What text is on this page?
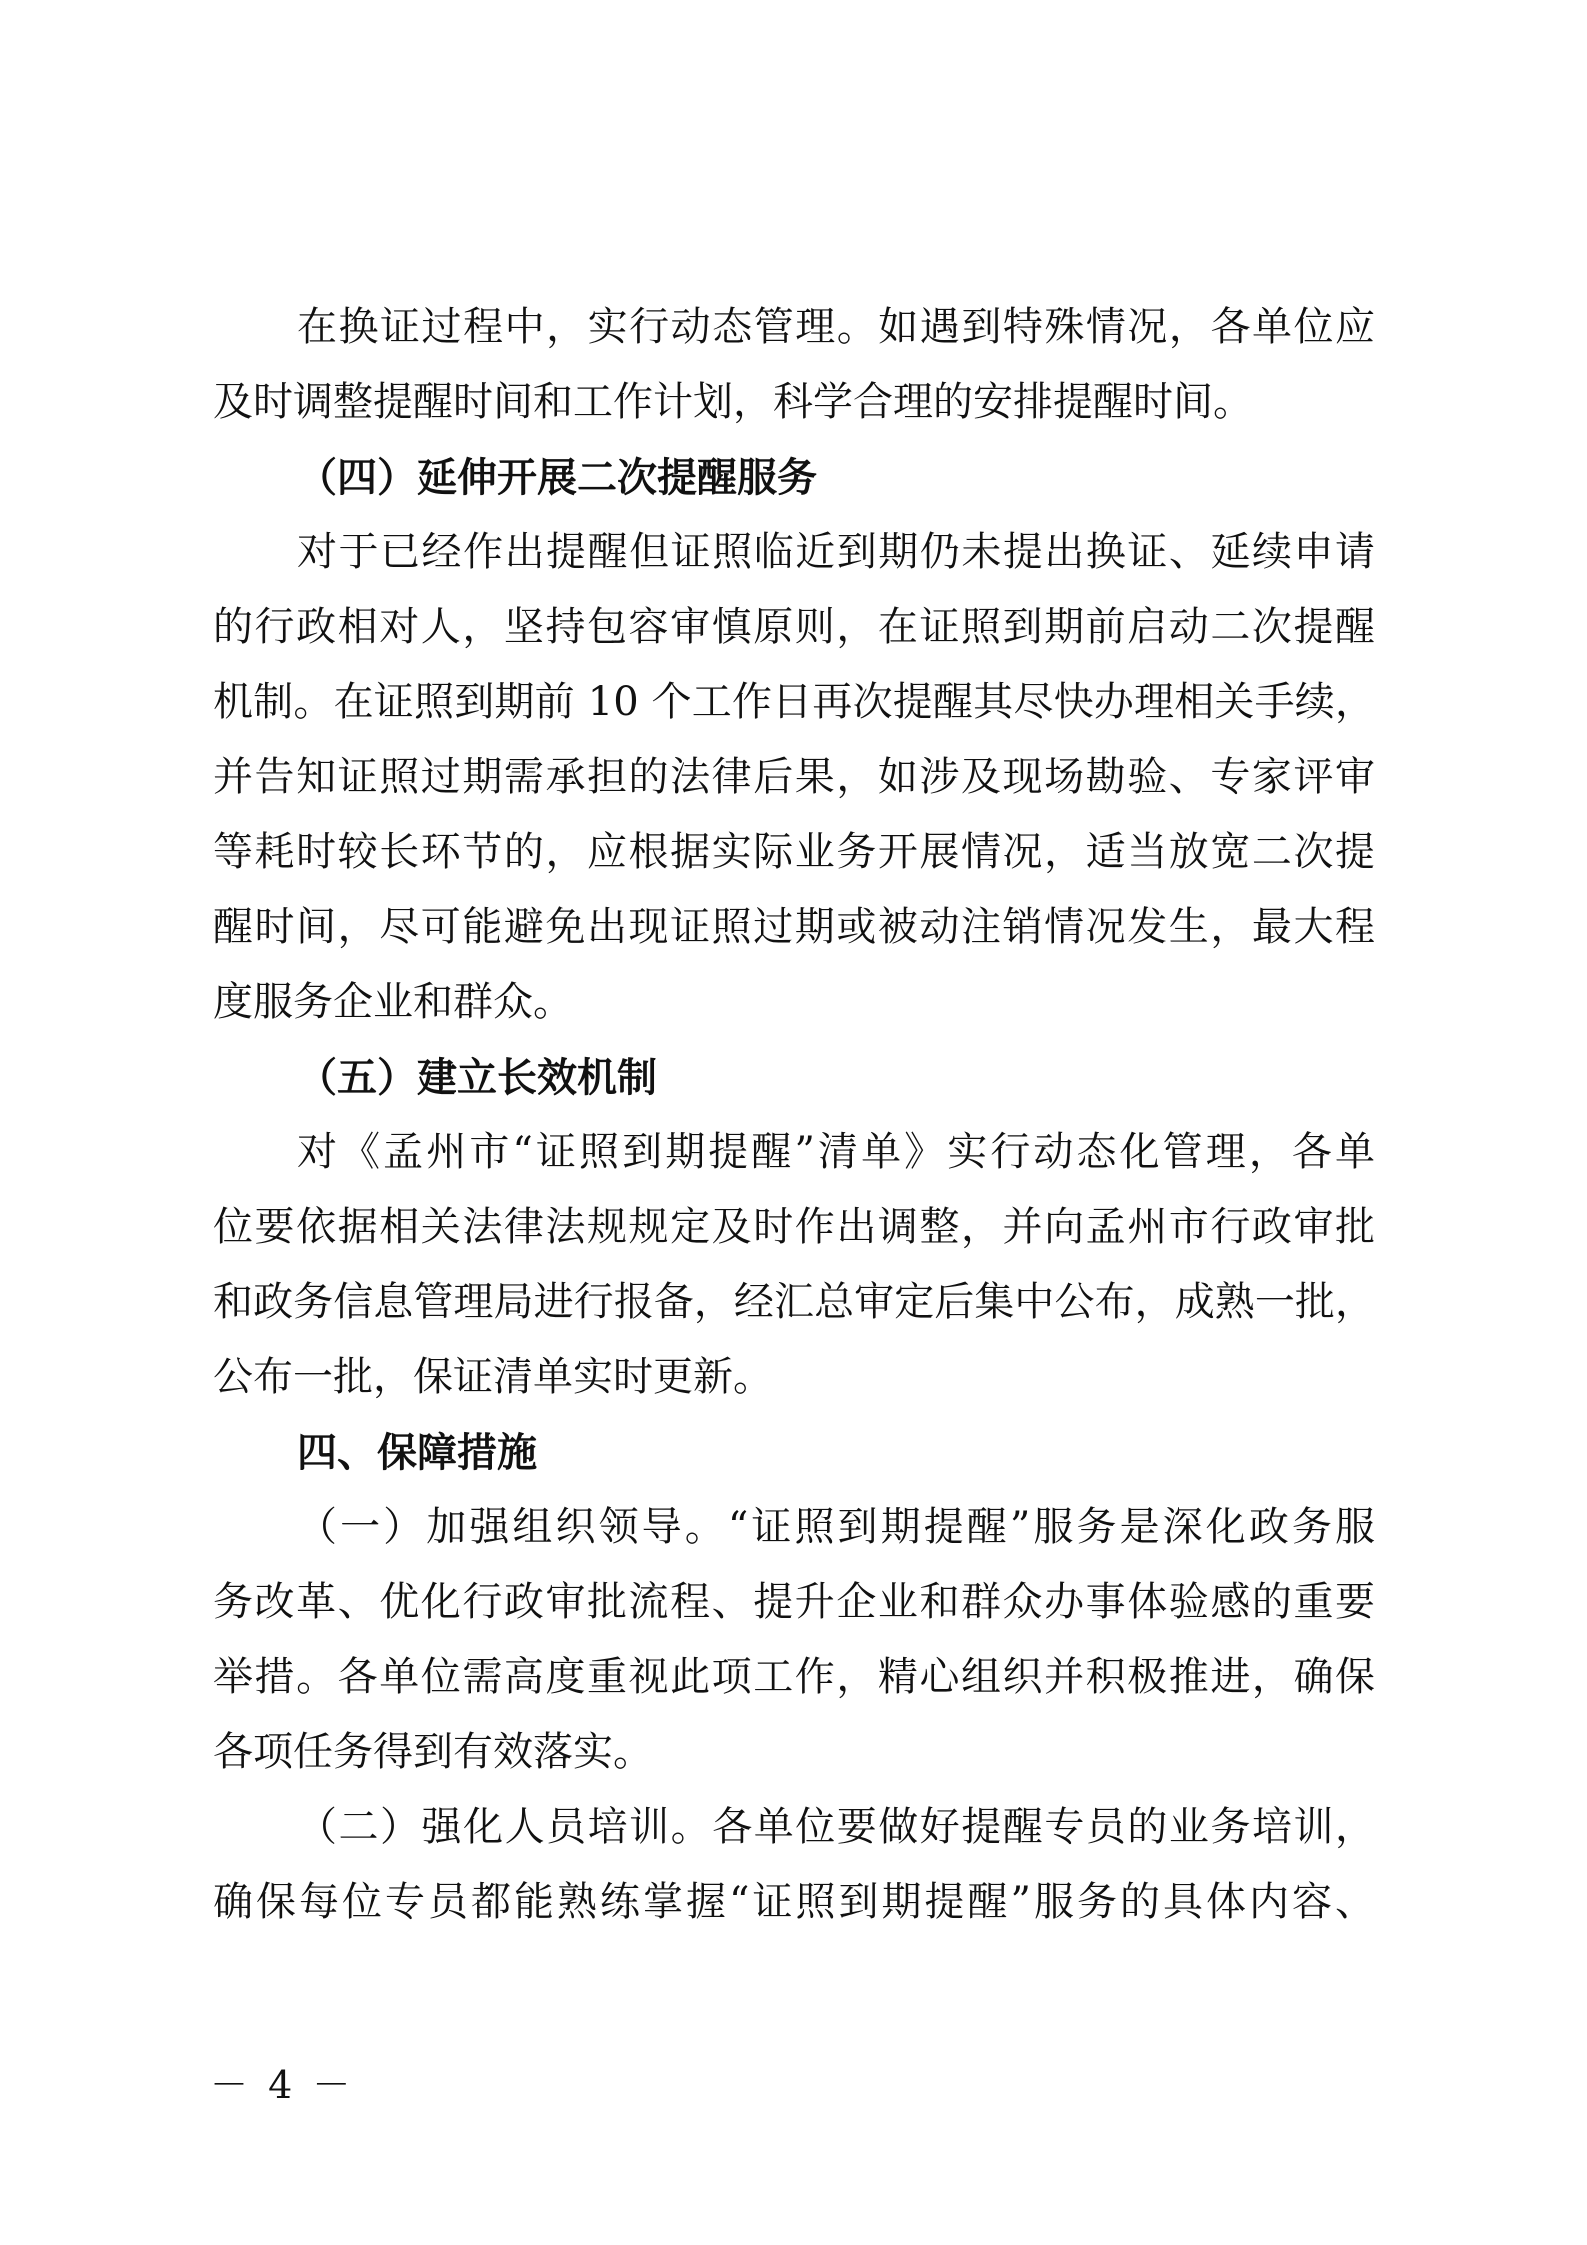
在换证过程中，实行动态管理。如遇到特殊情况，各单位应
及时调整提醒时间和工作计划，科学合理的安排提醒时间。
（四）延伸开展二次提醒服务
对于已经作出提醒但证照临近到期仍未提出换证、延续申请
的行政相对人，坚持包容审慎原则，在证照到期前启动二次提醒
机制。在证照到期前 10 个工作日再次提醒其尽快办理相关手续，
并告知证照过期需承担的法律后果，如涉及现场勘验、专家评审
等耗时较长环节的，应根据实际业务开展情况，适当放宽二次提
醒时间，尽可能避免出现证照过期或被动注销情况发生，最大程
度服务企业和群众。
（五）建立长效机制
对《孟州市“证照到期提醒”清单》实行动态化管理，各单
位要依据相关法律法规规定及时作出调整，并向孟州市行政审批
和政务信息管理局进行报备，经汇总审定后集中公布，成熟一批，
公布一批，保证清单实时更新。
四、保障措施
（一）加强组织领导。“证照到期提醒”服务是深化政务服
务改革、优化行政审批流程、提升企业和群众办事体验感的重要
举措。各单位需高度重视此项工作，精心组织并积极推进，确保
各项任务得到有效落实。
（二）强化人员培训。各单位要做好提醒专员的业务培训，
确保每位专员都能熟练掌握“证照到期提醒”服务的具体内容、
－ 4 －
